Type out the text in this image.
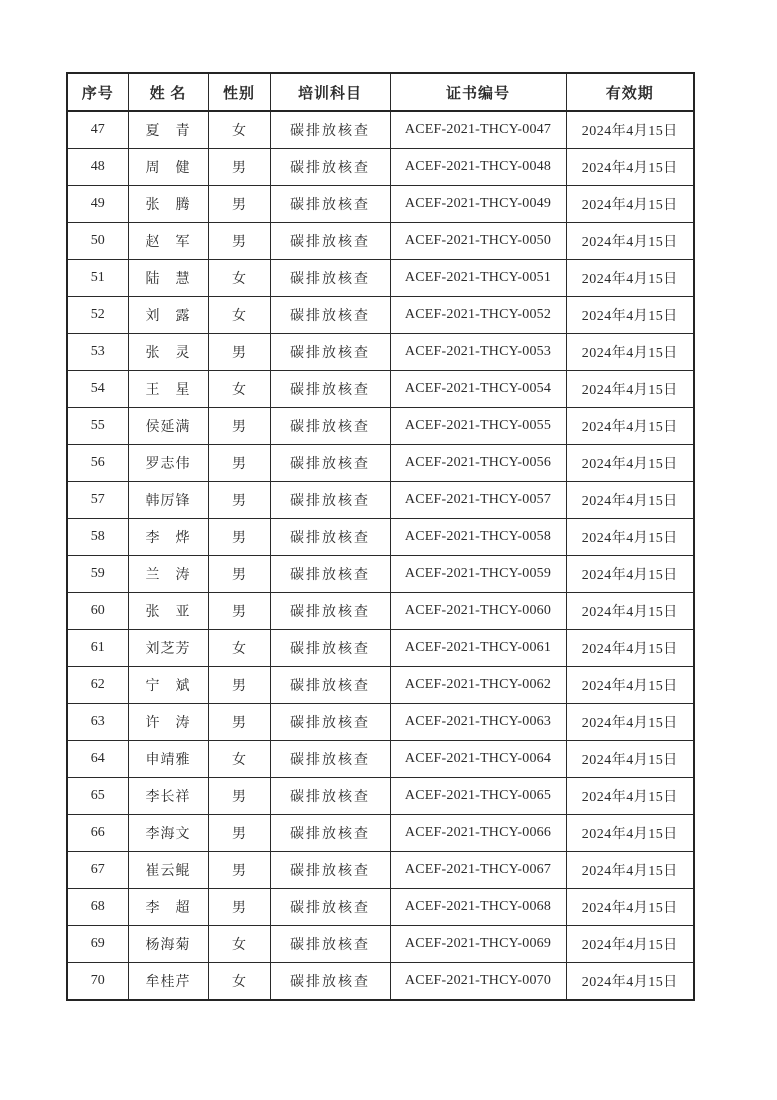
序号	姓 名	性别	培训科目	证书编号	有效期
47	夏　青	女	碳排放核查	ACEF-2021-THCY-0047	2024年4月15日
48	周　健	男	碳排放核查	ACEF-2021-THCY-0048	2024年4月15日
49	张　腾	男	碳排放核查	ACEF-2021-THCY-0049	2024年4月15日
50	赵　军	男	碳排放核查	ACEF-2021-THCY-0050	2024年4月15日
51	陆　慧	女	碳排放核查	ACEF-2021-THCY-0051	2024年4月15日
52	刘　露	女	碳排放核查	ACEF-2021-THCY-0052	2024年4月15日
53	张　灵	男	碳排放核查	ACEF-2021-THCY-0053	2024年4月15日
54	王　星	女	碳排放核查	ACEF-2021-THCY-0054	2024年4月15日
55	侯延满	男	碳排放核查	ACEF-2021-THCY-0055	2024年4月15日
56	罗志伟	男	碳排放核查	ACEF-2021-THCY-0056	2024年4月15日
57	韩厉锋	男	碳排放核查	ACEF-2021-THCY-0057	2024年4月15日
58	李　烨	男	碳排放核查	ACEF-2021-THCY-0058	2024年4月15日
59	兰　涛	男	碳排放核查	ACEF-2021-THCY-0059	2024年4月15日
60	张　亚	男	碳排放核查	ACEF-2021-THCY-0060	2024年4月15日
61	刘芝芳	女	碳排放核查	ACEF-2021-THCY-0061	2024年4月15日
62	宁　斌	男	碳排放核查	ACEF-2021-THCY-0062	2024年4月15日
63	许　涛	男	碳排放核查	ACEF-2021-THCY-0063	2024年4月15日
64	申靖雅	女	碳排放核查	ACEF-2021-THCY-0064	2024年4月15日
65	李长祥	男	碳排放核查	ACEF-2021-THCY-0065	2024年4月15日
66	李海文	男	碳排放核查	ACEF-2021-THCY-0066	2024年4月15日
67	崔云鲲	男	碳排放核查	ACEF-2021-THCY-0067	2024年4月15日
68	李　超	男	碳排放核查	ACEF-2021-THCY-0068	2024年4月15日
69	杨海菊	女	碳排放核查	ACEF-2021-THCY-0069	2024年4月15日
70	牟桂芹	女	碳排放核查	ACEF-2021-THCY-0070	2024年4月15日
